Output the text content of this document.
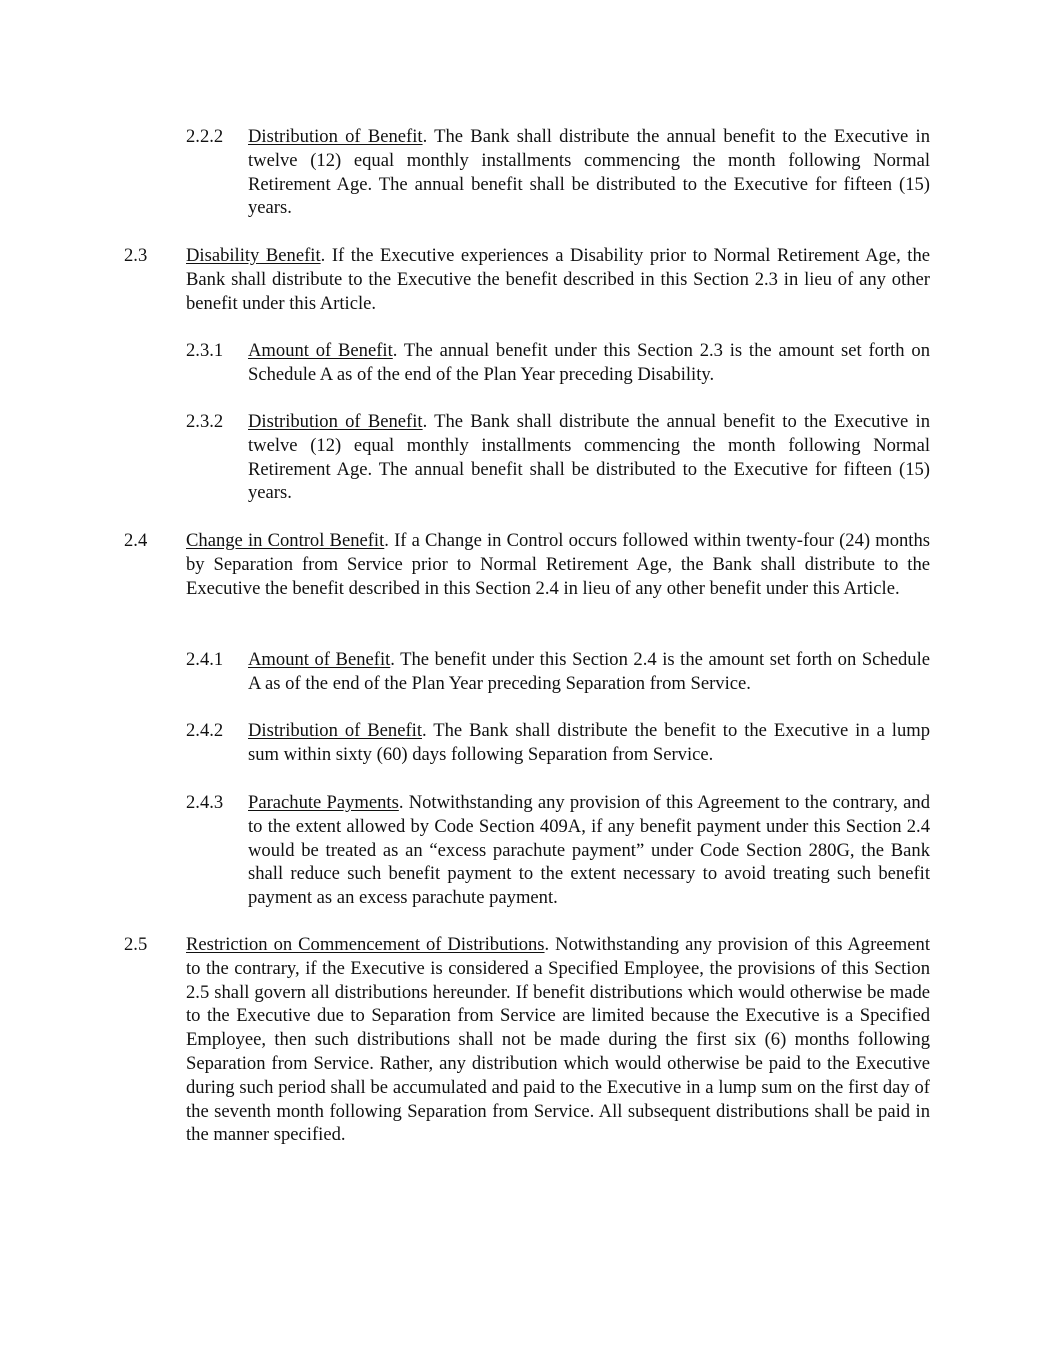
2.2.2 Distribution of Benefit. The Bank shall distribute the annual benefit to the Executive in twelve (12) equal monthly installments commencing the month following Normal Retirement Age. The annual benefit shall be distributed to the Executive for fifteen (15) years.
2.3 Disability Benefit. If the Executive experiences a Disability prior to Normal Retirement Age, the Bank shall distribute to the Executive the benefit described in this Section 2.3 in lieu of any other benefit under this Article.
2.3.1 Amount of Benefit. The annual benefit under this Section 2.3 is the amount set forth on Schedule A as of the end of the Plan Year preceding Disability.
2.3.2 Distribution of Benefit. The Bank shall distribute the annual benefit to the Executive in twelve (12) equal monthly installments commencing the month following Normal Retirement Age. The annual benefit shall be distributed to the Executive for fifteen (15) years.
2.4 Change in Control Benefit. If a Change in Control occurs followed within twenty-four (24) months by Separation from Service prior to Normal Retirement Age, the Bank shall distribute to the Executive the benefit described in this Section 2.4 in lieu of any other benefit under this Article.
2.4.1 Amount of Benefit. The benefit under this Section 2.4 is the amount set forth on Schedule A as of the end of the Plan Year preceding Separation from Service.
2.4.2 Distribution of Benefit. The Bank shall distribute the benefit to the Executive in a lump sum within sixty (60) days following Separation from Service.
2.4.3 Parachute Payments. Notwithstanding any provision of this Agreement to the contrary, and to the extent allowed by Code Section 409A, if any benefit payment under this Section 2.4 would be treated as an “excess parachute payment” under Code Section 280G, the Bank shall reduce such benefit payment to the extent necessary to avoid treating such benefit payment as an excess parachute payment.
2.5 Restriction on Commencement of Distributions. Notwithstanding any provision of this Agreement to the contrary, if the Executive is considered a Specified Employee, the provisions of this Section 2.5 shall govern all distributions hereunder. If benefit distributions which would otherwise be made to the Executive due to Separation from Service are limited because the Executive is a Specified Employee, then such distributions shall not be made during the first six (6) months following Separation from Service. Rather, any distribution which would otherwise be paid to the Executive during such period shall be accumulated and paid to the Executive in a lump sum on the first day of the seventh month following Separation from Service. All subsequent distributions shall be paid in the manner specified.
